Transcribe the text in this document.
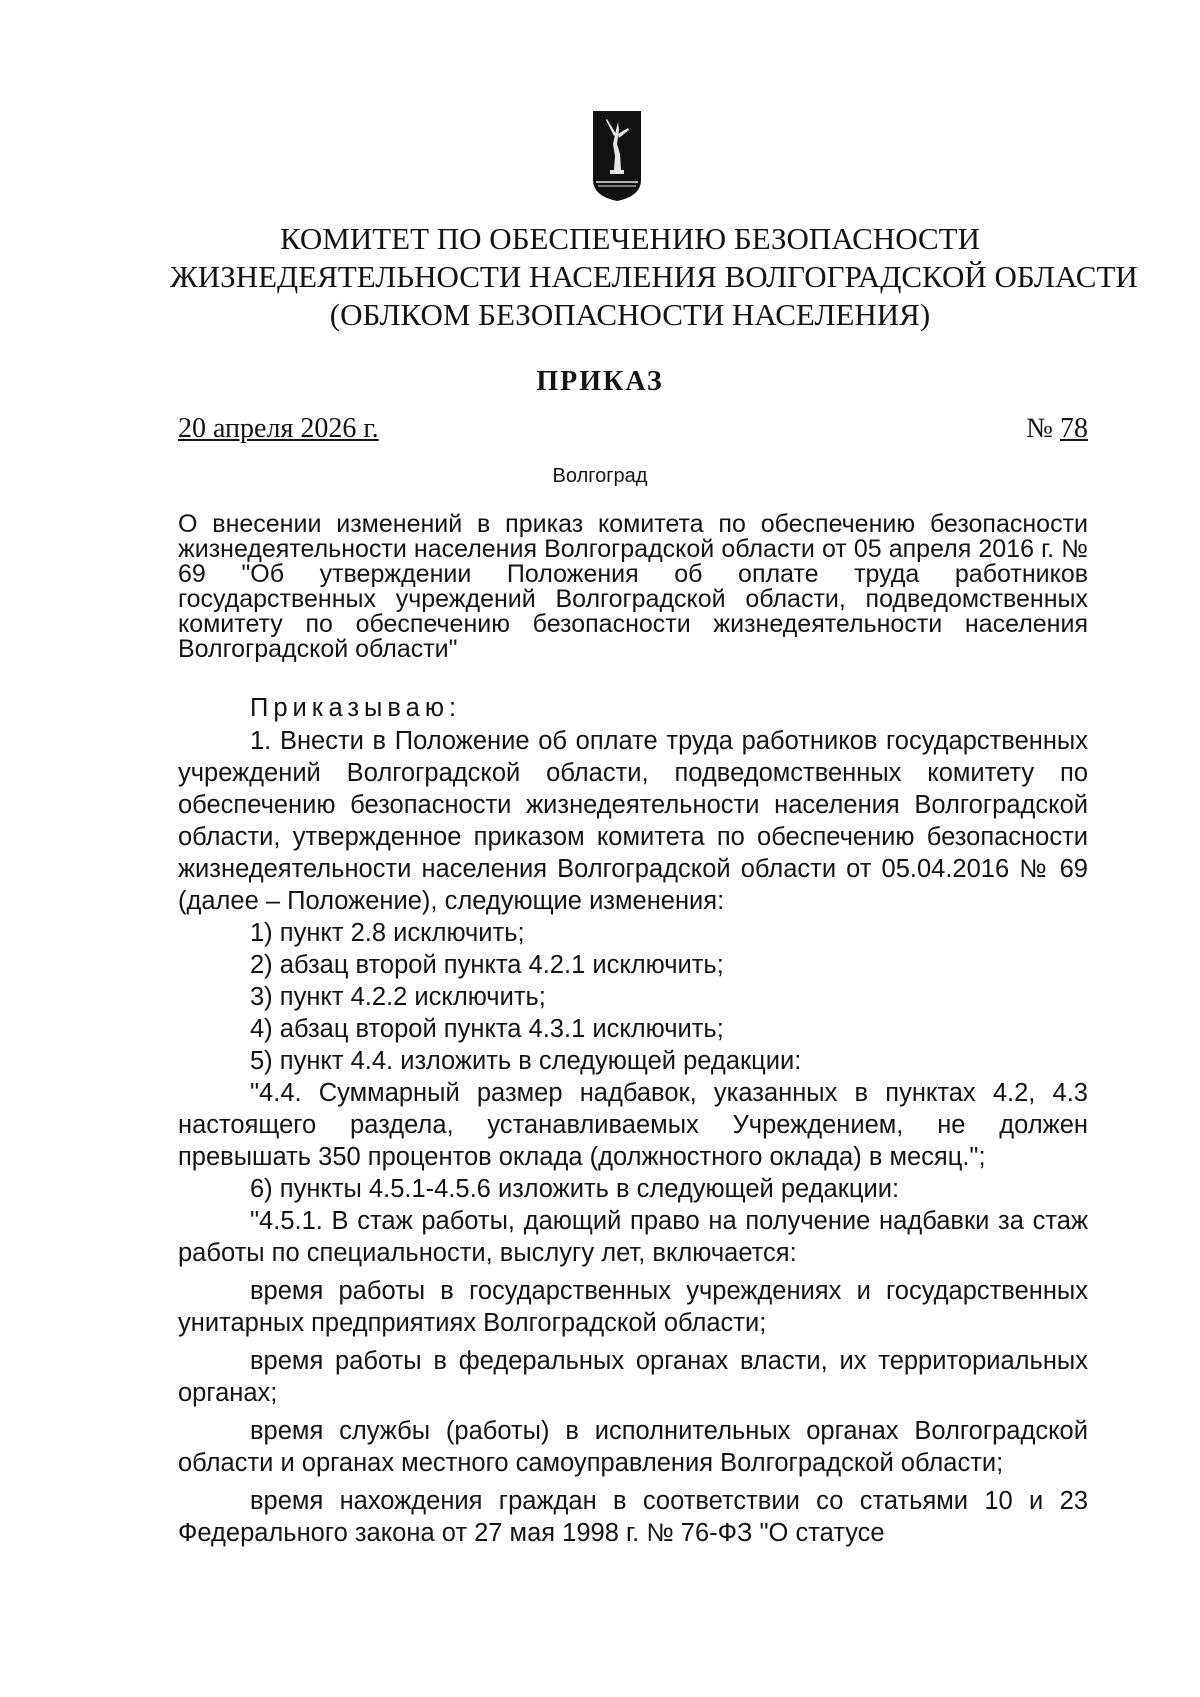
КОМИТЕТ ПО ОБЕСПЕЧЕНИЮ БЕЗОПАСНОСТИ
ЖИЗНЕДЕЯТЕЛЬНОСТИ НАСЕЛЕНИЯ ВОЛГОГРАДСКОЙ ОБЛАСТИ
(ОБЛКОМ БЕЗОПАСНОСТИ НАСЕЛЕНИЯ)
ПРИКАЗ
20 апреля 2026 г.	№ 78
Волгоград
О внесении изменений в приказ комитета по обеспечению безопасности жизнедеятельности населения Волгоградской области от 05 апреля 2016 г. № 69 "Об утверждении Положения об оплате труда работников государственных учреждений Волгоградской области, подведомственных комитету по обеспечению безопасности жизнедеятельности населения Волгоградской области"

Приказываю:

1. Внести в Положение об оплате труда работников государственных учреждений Волгоградской области, подведомственных комитету по обеспечению безопасности жизнедеятельности населения Волгоградской области, утвержденное приказом комитета по обеспечению безопасности жизнедеятельности населения Волгоградской области от 05.04.2016 № 69 (далее – Положение), следующие изменения:

1) пункт 2.8 исключить;

2) абзац второй пункта 4.2.1 исключить;

3) пункт 4.2.2 исключить;

4) абзац второй пункта 4.3.1 исключить;

5) пункт 4.4. изложить в следующей редакции:

"4.4. Суммарный размер надбавок, указанных в пунктах 4.2, 4.3 настоящего раздела, устанавливаемых Учреждением, не должен превышать 350 процентов оклада (должностного оклада) в месяц.";

6) пункты 4.5.1-4.5.6 изложить в следующей редакции:

"4.5.1. В стаж работы, дающий право на получение надбавки за стаж работы по специальности, выслугу лет, включается:

время работы в государственных учреждениях и государственных унитарных предприятиях Волгоградской области;

время работы в федеральных органах власти, их территориальных органах;

время службы (работы) в исполнительных органах Волгоградской области и органах местного самоуправления Волгоградской области;

время нахождения граждан в соответствии со статьями 10 и 23 Федерального закона от 27 мая 1998 г. № 76-ФЗ "О статусе
